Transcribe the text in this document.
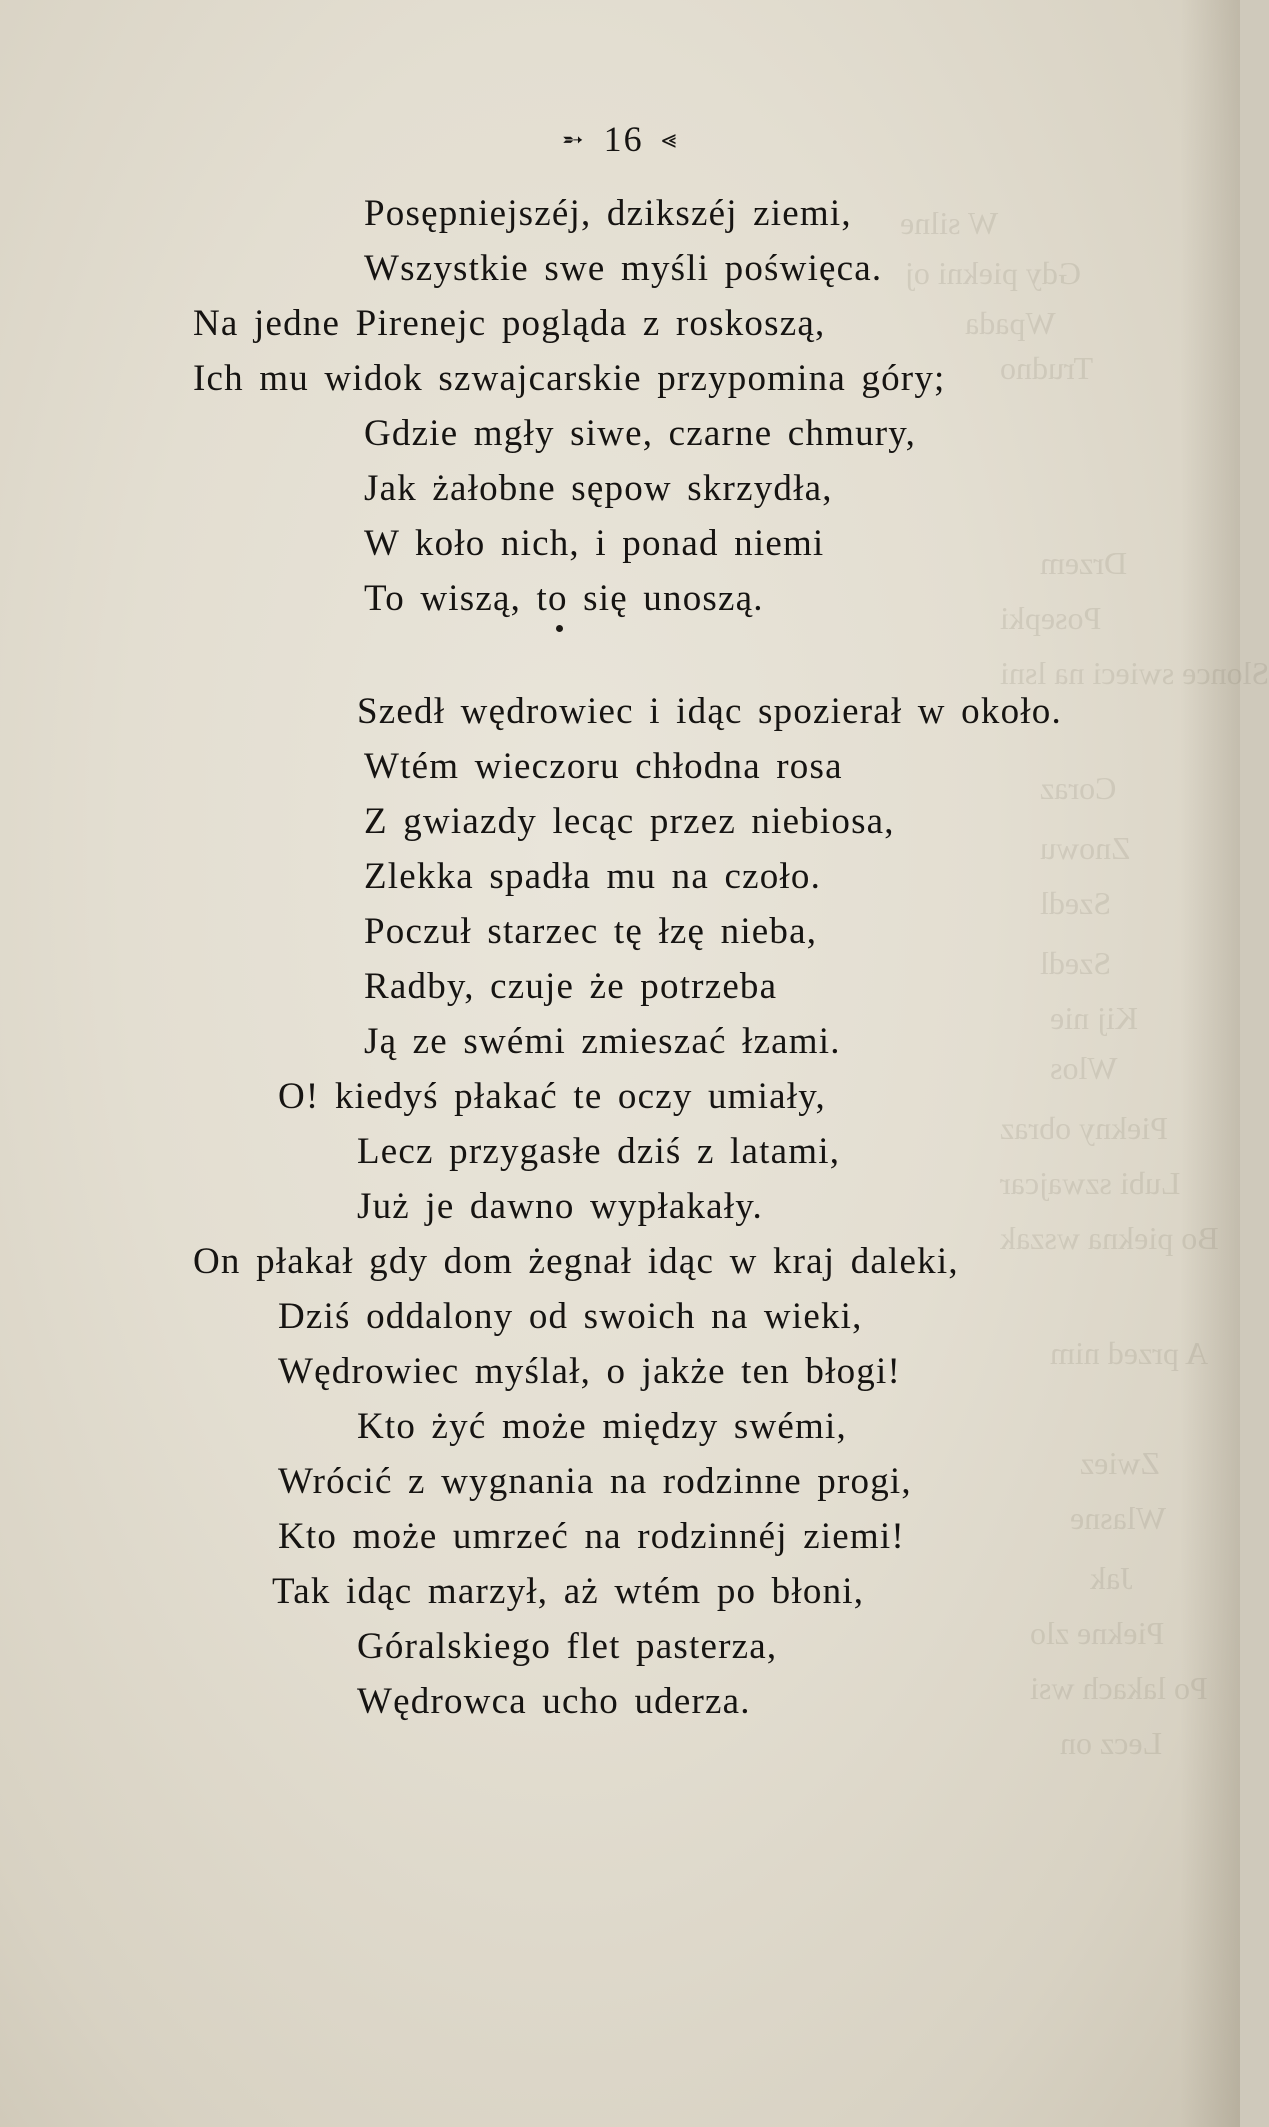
W silne
Gdy piekni oj
Wpada
Trudno
Drzem
Posepki
Slonce swieci na lsni
Coraz
Znowu
Szedl
Szedl
Kij nie
Wlos
Piekny obraz
Lubi szwajcar
Bo piekna wszak
A przed nim
Zwiez
Wlasne
Jak
Piekne zlo
Po lakach wsi
Lecz on
➵ 16 ⪡
Posępniejszéj, dzikszéj ziemi,
Wszystkie swe myśli poświęca.
Na jedne Pirenejc pogląda z roskoszą,
Ich mu widok szwajcarskie przypomina góry;
Gdzie mgły siwe, czarne chmury,
Jak żałobne sępow skrzydła,
W koło nich, i ponad niemi
To wiszą, to się unoszą.
Szedł wędrowiec i idąc spozierał w około.
Wtém wieczoru chłodna rosa
Z gwiazdy lecąc przez niebiosa,
Zlekka spadła mu na czoło.
Poczuł starzec tę łzę nieba,
Radby, czuje że potrzeba
Ją ze swémi zmieszać łzami.
O! kiedyś płakać te oczy umiały,
Lecz przygasłe dziś z latami,
Już je dawno wypłakały.
On płakał gdy dom żegnał idąc w kraj daleki,
Dziś oddalony od swoich na wieki,
Wędrowiec myślał, o jakże ten błogi!
Kto żyć może między swémi,
Wrócić z wygnania na rodzinne progi,
Kto może umrzeć na rodzinnéj ziemi!
Tak idąc marzył, aż wtém po błoni,
Góralskiego flet pasterza,
Wędrowca ucho uderza.
